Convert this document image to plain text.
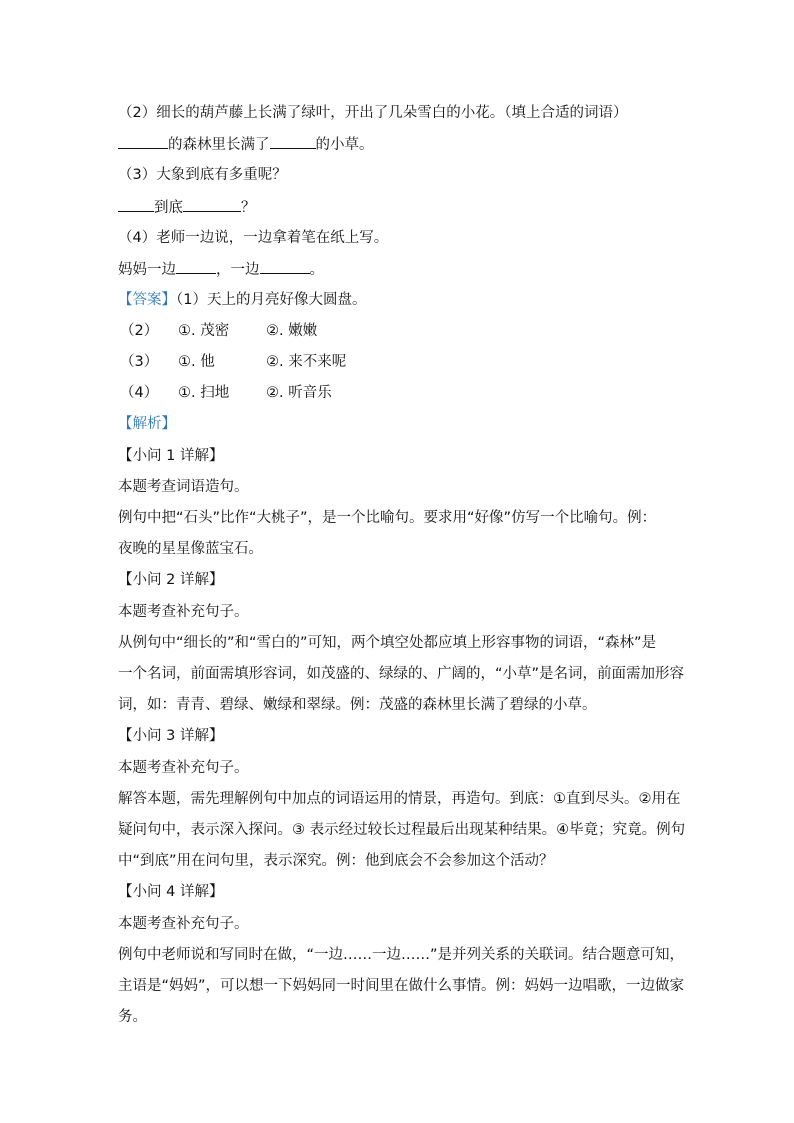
（2）细长的葫芦藤上长满了绿叶，开出了几朵雪白的小花。（填上合适的词语）
的森林里长满了	的小草。
（3）大象到底有多重呢？
到底	？
（4）老师一边说，一边拿着笔在纸上写。
妈妈一边	，一边	。
【答案】（1）天上的月亮好像大圆盘。
（2） ①. 茂密	②. 嫩嫩
（3） ①. 他	②. 来不来呢
（4） ①. 扫地	②. 听音乐
【解析】
【小问 1 详解】
本题考查词语造句。
例句中把“石头”比作“大桃子”，是一个比喻句。要求用“好像”仿写一个比喻句。例：
夜晚的星星像蓝宝石。
【小问 2 详解】
本题考查补充句子。
从例句中“细长的”和“雪白的”可知，两个填空处都应填上形容事物的词语，“森林”是
一个名词，前面需填形容词，如茂盛的、绿绿的、广阔的，“小草”是名词，前面需加形容
词，如：青青、碧绿、嫩绿和翠绿。例：茂盛的森林里长满了碧绿的小草。
【小问 3 详解】
本题考查补充句子。
解答本题，需先理解例句中加点的词语运用的情景，再造句。到底：①直到尽头。②用在
疑问句中，表示深入探问。③ 表示经过较长过程最后出现某种结果。④毕竟；究竟。例句
中“到底”用在问句里，表示深究。例：他到底会不会参加这个活动？
【小问 4 详解】
本题考查补充句子。
例句中老师说和写同时在做，“一边……一边……”是并列关系的关联词。结合题意可知，
主语是“妈妈”，可以想一下妈妈同一时间里在做什么事情。例：妈妈一边唱歌，一边做家
务。
